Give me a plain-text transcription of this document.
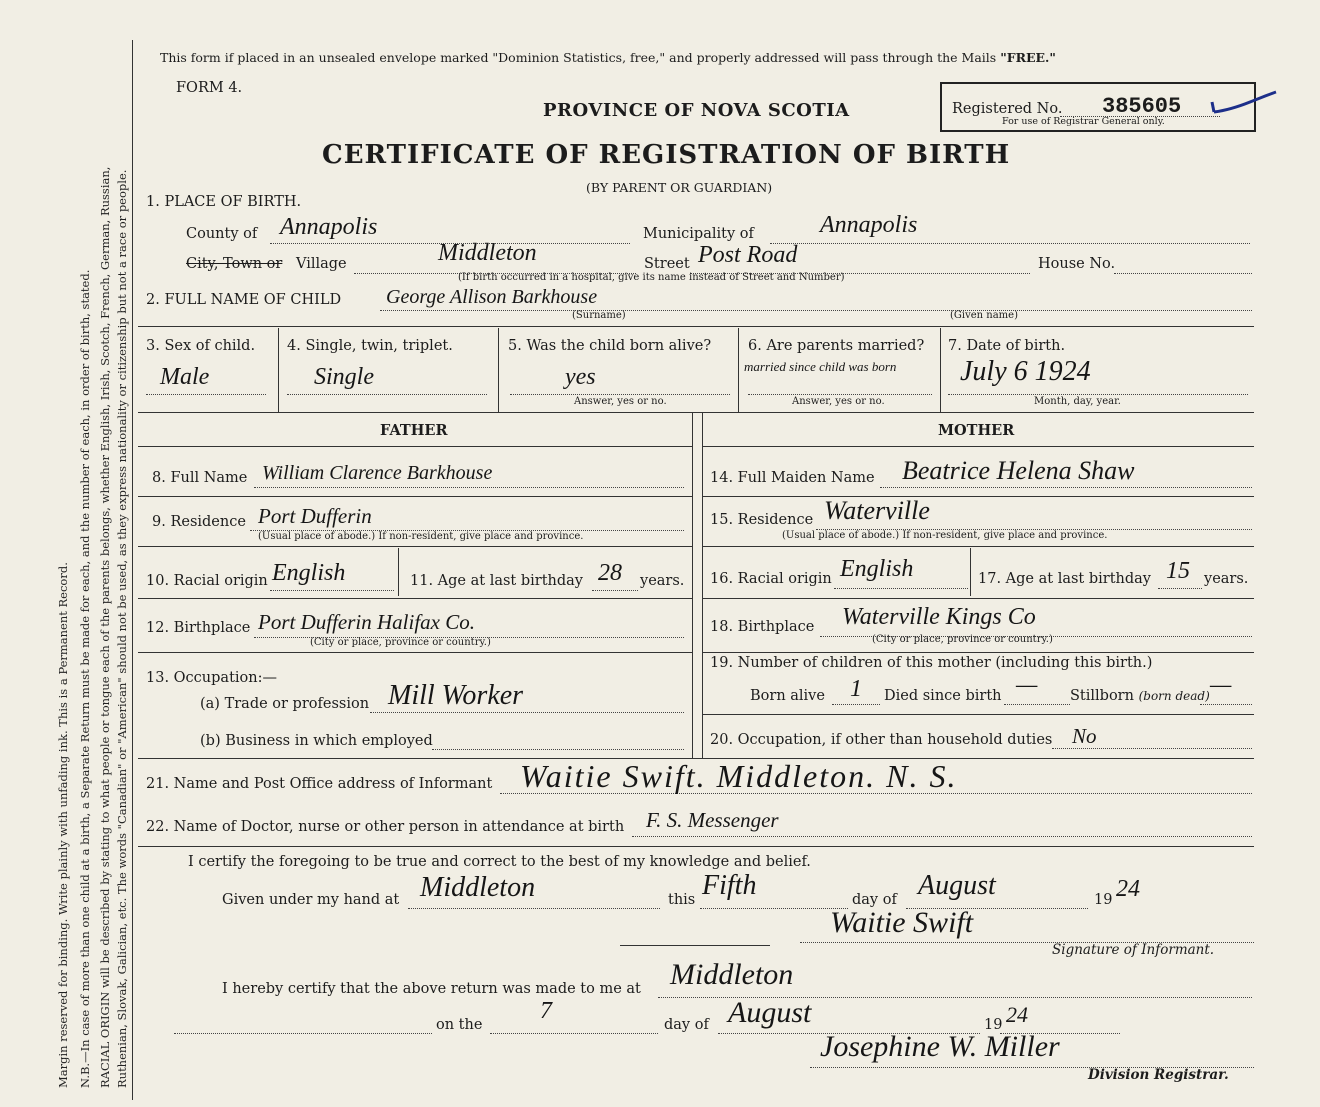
Margin reserved for binding. Write plainly with unfading ink. This is a Permanent Record. N.B.—In case of more than one child at a birth, a Separate Return must be made for each, and the number of each, in order of birth, stated. RACIAL ORIGIN will be described by stating to what people or tongue each of the parents belongs, whether English, Irish, Scotch, French, German, Russian, Ruthenian, Slovak, Galician, etc. The words "Canadian" or "American" should not be used, as they express nationality or citizenship but not a race or people.
This form if placed in an unsealed envelope marked "Dominion Statistics, free," and properly addressed will pass through the Mails "FREE."
FORM 4.
PROVINCE OF NOVA SCOTIA	Registered No. 385605
For use of Registrar General only.
CERTIFICATE OF REGISTRATION OF BIRTH
(BY PARENT OR GUARDIAN)
1. PLACE OF BIRTH.
County of Annapolis	Municipality of	Annapolis
City, Town or Village	Middleton	Street Post Road	House No.
(If birth occurred in a hospital, give its name instead of Street and Number)
2. FULL NAME OF CHILD George Allison Barkhouse
(Surname)	(Given name)
3. Sex of child.
Male
4. Single, twin, triplet.
Single
5. Was the child born alive?
yes
Answer, yes or no.
6. Are parents married?
married since child was born
Answer, yes or no.
7. Date of birth.
July 6 1924
Month, day, year.
FATHER	MOTHER
8. Full Name William Clarence Barkhouse
9. Residence Port Dufferin
(Usual place of abode.) If non-resident, give place and province.
10. Racial origin English	11. Age at last birthday 28 years.
12. Birthplace Port Dufferin Halifax Co.
(City or place, province or country.)
13. Occupation:—
(a) Trade or profession Mill Worker
(b) Business in which employed
14. Full Maiden Name Beatrice Helena Shaw
15. Residence Waterville
(Usual place of abode.) If non-resident, give place and province.
16. Racial origin English	17. Age at last birthday 15 years.
18. Birthplace Waterville Kings Co
(City or place, province or country.)
19. Number of children of this mother (including this birth.)
Born alive 1 Died since birth — Stillborn (born dead) —
20. Occupation, if other than household duties No
21. Name and Post Office address of Informant Waitie Swift. Middleton. N. S.
22. Name of Doctor, nurse or other person in attendance at birth F. S. Messenger
I certify the foregoing to be true and correct to the best of my knowledge and belief.
Given under my hand at Middleton	this Fifth	day of August	19 24
Waitie Swift
Signature of Informant.
I hereby certify that the above return was made to me at Middleton
on the
7
day of August	19 24
Josephine W. Miller
Division Registrar.
